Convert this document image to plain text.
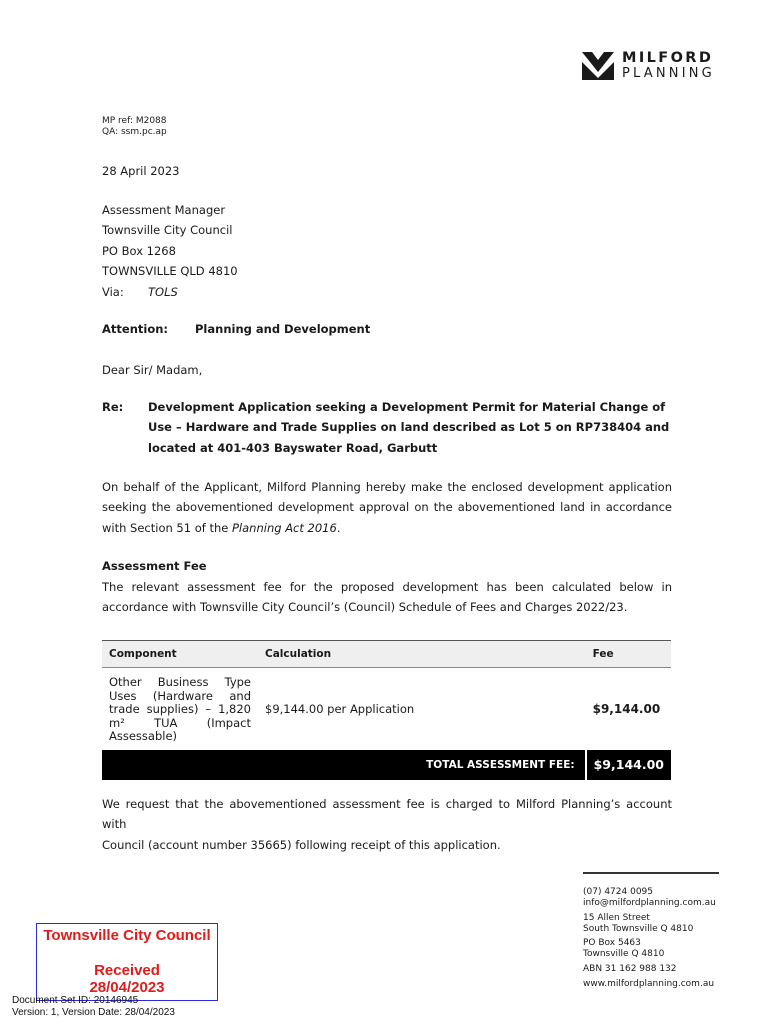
MILFORD
PLANNING
MP ref: M2088
QA: ssm.pc.ap
28 April 2023
Assessment Manager
Townsville City Council
PO Box 1268
TOWNSVILLE QLD 4810
Via: TOLS
Attention: Planning and Development
Dear Sir/ Madam,
Re: Development Application seeking a Development Permit for Material Change of
Use – Hardware and Trade Supplies on land described as Lot 5 on RP738404 and
located at 401-403 Bayswater Road, Garbutt
On behalf of the Applicant, Milford Planning hereby make the enclosed development application
seeking the abovementioned development approval on the abovementioned land in accordance
with Section 51 of the Planning Act 2016.
Assessment Fee
The relevant assessment fee for the proposed development has been calculated below in
accordance with Townsville City Council’s (Council) Schedule of Fees and Charges 2022/23.
Component	Calculation	Fee

Other Business Type
Uses (Hardware and
trade supplies) – 1,820
m² TUA (Impact
Assessable)	$9,144.00 per Application	$9,144.00
TOTAL ASSESSMENT FEE:		$9,144.00
We request that the abovementioned assessment fee is charged to Milford Planning’s account with
Council (account number 35665) following receipt of this application.
(07) 4724 0095
info@milfordplanning.com.au
15 Allen Street
South Townsville Q 4810
PO Box 5463
Townsville Q 4810
ABN 31 162 988 132
www.milfordplanning.com.au
Townsville City Council
Received
28/04/2023
Document Set ID: 20146945
Version: 1, Version Date: 28/04/2023
